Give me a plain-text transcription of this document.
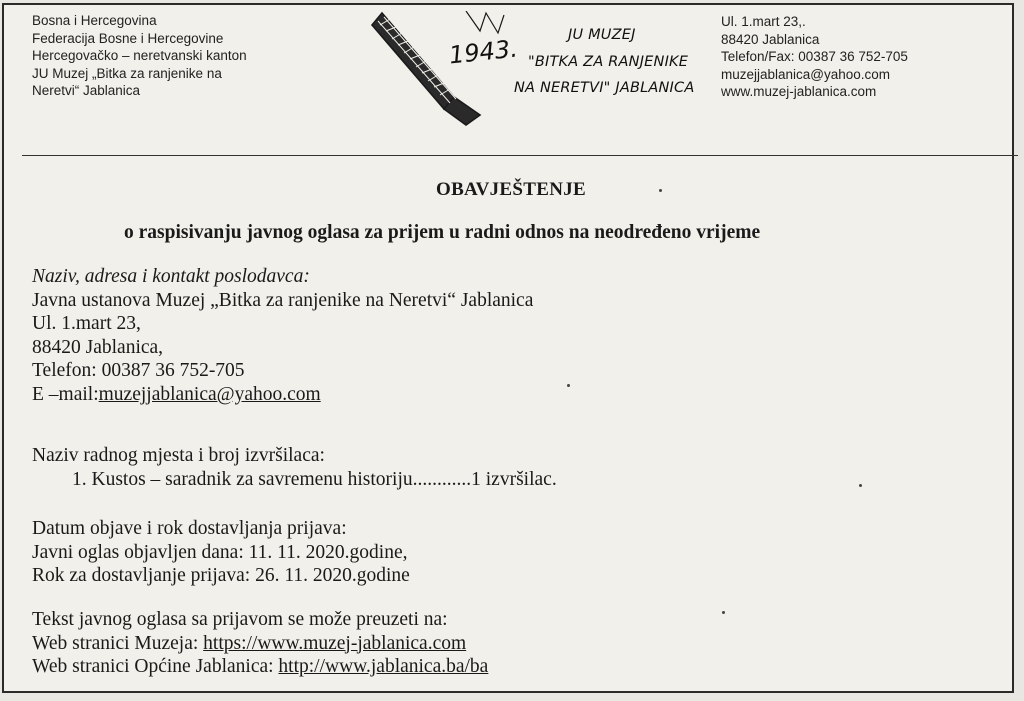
Bosna i Hercegovina
Federacija Bosne i Hercegovine
Hercegovačko – neretvanski kanton
JU Muzej „Bitka za ranjenike na
Neretvi“ Jablanica
1943.	JU MUZEJ
"BITKA ZA RANJENIKE
NA NERETVI" JABLANICA
Ul. 1.mart 23,.
88420 Jablanica
Telefon/Fax: 00387 36 752-705
muzejjablanica@yahoo.com
www.muzej-jablanica.com
OBAVJEŠTENJE
o raspisivanju javnog oglasa za prijem u radni odnos na neodređeno vrijeme
Naziv, adresa i kontakt poslodavca:
Javna ustanova Muzej „Bitka za ranjenike na Neretvi“ Jablanica
Ul. 1.mart 23,
88420 Jablanica,
Telefon: 00387 36 752-705
E –mail:muzejjablanica@yahoo.com
Naziv radnog mjesta i broj izvršilaca:
1. Kustos – saradnik za savremenu historiju............1 izvršilac.
Datum objave i rok dostavljanja prijava:
Javni oglas objavljen dana: 11. 11. 2020.godine,
Rok za dostavljanje prijava: 26. 11. 2020.godine
Tekst javnog oglasa sa prijavom se može preuzeti na:
Web stranici Muzeja: https://www.muzej-jablanica.com
Web stranici Općine Jablanica: http://www.jablanica.ba/ba
